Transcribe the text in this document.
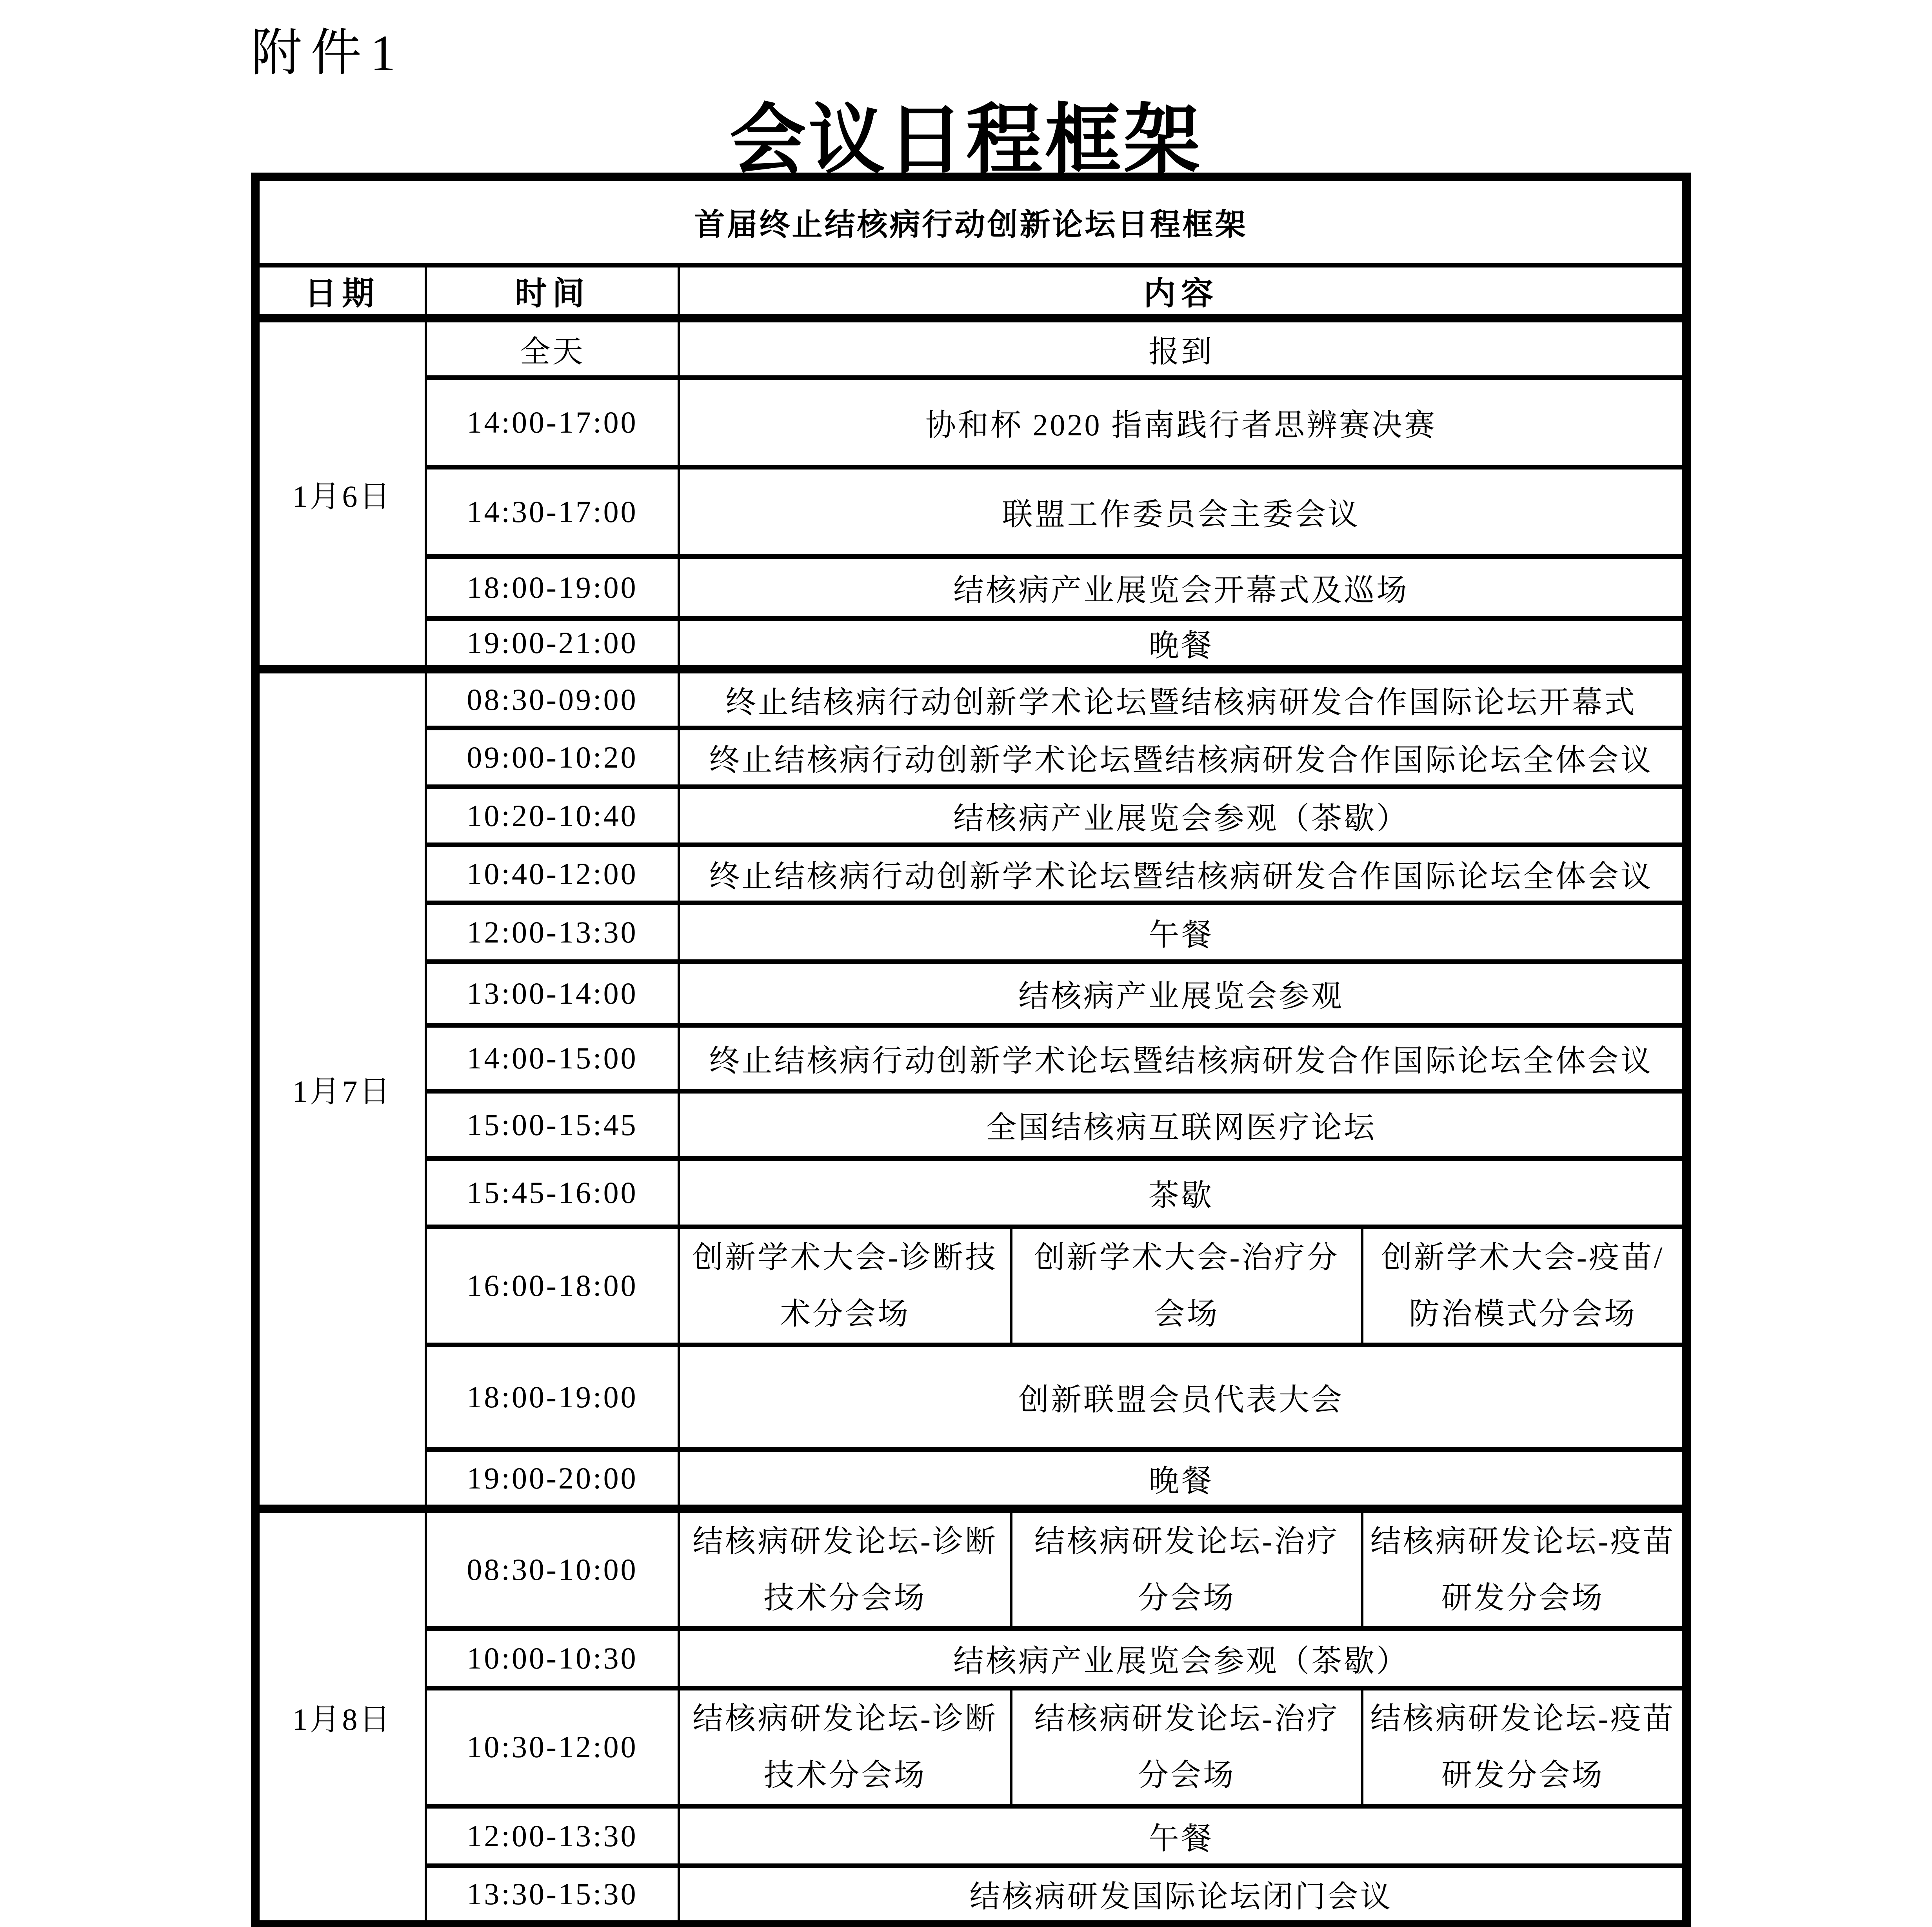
附件1
会议日程框架
首届终止结核病行动创新论坛日程框架				
日期	时间	内容		
1月6日	全天	报到		
	14:00-17:00	协和杯 2020 指南践行者思辨赛决赛		
	14:30-17:00	联盟工作委员会主委会议		
	18:00-19:00	结核病产业展览会开幕式及巡场		
	19:00-21:00	晚餐		
1月7日	08:30-09:00	终止结核病行动创新学术论坛暨结核病研发合作国际论坛开幕式		
	09:00-10:20	终止结核病行动创新学术论坛暨结核病研发合作国际论坛全体会议		
	10:20-10:40	结核病产业展览会参观（茶歇）		
	10:40-12:00	终止结核病行动创新学术论坛暨结核病研发合作国际论坛全体会议		
	12:00-13:30	午餐		
	13:00-14:00	结核病产业展览会参观		
	14:00-15:00	终止结核病行动创新学术论坛暨结核病研发合作国际论坛全体会议		
	15:00-15:45	全国结核病互联网医疗论坛		
	15:45-16:00	茶歇		
	16:00-18:00	创新学术大会-诊断技术分会场	创新学术大会-治疗分会场	创新学术大会-疫苗/防治模式分会场
	18:00-19:00	创新联盟会员代表大会		
	19:00-20:00	晚餐		
1月8日	08:30-10:00	结核病研发论坛-诊断技术分会场	结核病研发论坛-治疗分会场	结核病研发论坛-疫苗研发分会场
	10:00-10:30	结核病产业展览会参观（茶歇）		
	10:30-12:00	结核病研发论坛-诊断技术分会场	结核病研发论坛-治疗分会场	结核病研发论坛-疫苗研发分会场
	12:00-13:30	午餐		
	13:30-15:30	结核病研发国际论坛闭门会议		
